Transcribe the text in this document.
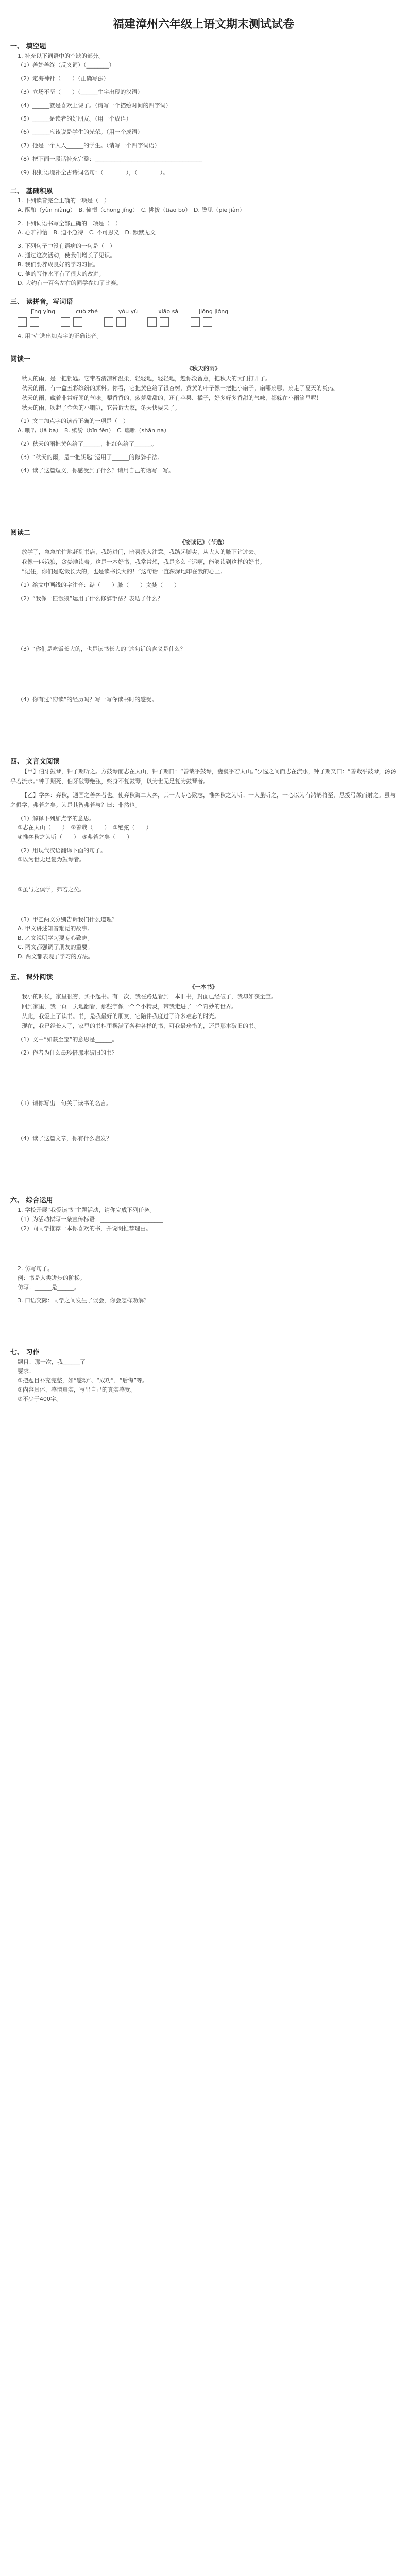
福建漳州六年级上语文期末测试试卷
一、 填空题
1. 补充以下词语中的空缺的部分。
（1）善始善终（反义词）（________）
（2）定海神针（　　）（正确写法）
（3）立场不坚（　　）（______生字出现的汉语）
（4）______就是喜欢上课了。（请写一个描绘时间的四字词）
（5）______是读者的好朋友。（用一个成语）
（6）______应该说是学生的光荣。（用一个成语）
（7）他是一个人人______的学生。（请写一个四字词语）
（8）把下面一段话补充完整：______________________________________
（9）根据语境补全古诗词名句：（　　　　），（　　　　）。
二、 基础积累
1. 下列读音完全正确的一项是（　）
A. 酝酿（yùn niàng）　B. 憧憬（chōng jǐng）　C. 挑拨（tiāo bō）　D. 瞥见（piē jiàn）
2. 下列词语书写全部正确的一项是（　）
A. 心旷神怡　B. 迫不急待　C. 不可思义　D. 默默无文
3. 下列句子中没有语病的一句是（　）
A. 通过这次活动，使我们增长了见识。
B. 我们要养成良好的学习习惯。
C. 他的写作水平有了很大的改进。
D. 大约有一百名左右的同学参加了比赛。
三、 读拼音，写词语
jīng yíng	cuò zhé	yóu yù	xiāo sǎ	jiǒng jiǒng
4. 用“√”选出加点字的正确读音。
阅读一
《秋天的雨》
秋天的雨，是一把钥匙。它带着清凉和温柔，轻轻地，轻轻地，趁你没留意，把秋天的大门打开了。
秋天的雨，有一盒五彩缤纷的颜料。你看，它把黄色给了银杏树，黄黄的叶子像一把把小扇子，扇哪扇哪，扇走了夏天的炎热。
秋天的雨，藏着非常好闻的气味。梨香香的，菠萝甜甜的，还有苹果、橘子，好多好多香甜的气味，都躲在小雨滴里呢！
秋天的雨，吹起了金色的小喇叭，它告诉大家，冬天快要来了。
（1）文中加点字的读音正确的一项是（　）
A. 喇叭（lǎ ba）　B. 缤纷（bīn fēn）　C. 扇哪（shān na）
（2）秋天的雨把黄色给了______，把红色给了______。
（3）“秋天的雨，是一把钥匙”运用了______的修辞手法。
（4）读了这篇短文，你感受到了什么？请用自己的话写一写。
阅读二
《窃读记》（节选）
放学了，急急忙忙地赶到书店，我跨进门，暗喜没人注意。我踮起脚尖，从大人的腋下钻过去。
我像一匹饿狼，贪婪地读着。这是一本好书，我常常想，我是多么幸运啊，能够读到这样的好书。
“记住，你们是吃饭长大的，也是读书长大的！”这句话一直深深地印在我的心上。
（1）给文中画线的字注音：踮（　　）腋（　　）贪婪（　　）
（2）“我像一匹饿狼”运用了什么修辞手法？表达了什么？
（3）“你们是吃饭长大的，也是读书长大的”这句话的含义是什么？
（4）你有过“窃读”的经历吗？写一写你读书时的感受。
四、 文言文阅读
【甲】伯牙鼓琴，钟子期听之。方鼓琴而志在太山，钟子期曰：“善哉乎鼓琴，巍巍乎若太山。”少选之间而志在流水，钟子期又曰：“善哉乎鼓琴，汤汤乎若流水。”钟子期死，伯牙破琴绝弦，终身不复鼓琴，以为世无足复为鼓琴者。
【乙】学弈：弈秋，通国之善弈者也。使弈秋诲二人弈，其一人专心致志，惟弈秋之为听；一人虽听之，一心以为有鸿鹄将至，思援弓缴而射之。虽与之俱学，弗若之矣。为是其智弗若与？曰：非然也。
（1）解释下列加点字的意思。
①志在太山（　　）　②善哉（　　）　③绝弦（　　）
④惟弈秋之为听（　　）　⑤弗若之矣（　　）
（2）用现代汉语翻译下面的句子。
①以为世无足复为鼓琴者。
②虽与之俱学，弗若之矣。
（3）甲乙两文分别告诉我们什么道理？
A. 甲文讲述知音难觅的故事。
B. 乙文说明学习要专心致志。
C. 两文都强调了朋友的重要。
D. 两文都表现了学习的方法。
五、 课外阅读
《一本书》
我小的时候，家里很穷，买不起书。有一次，我在路边看到一本旧书，封面已经破了，我却如获至宝。
回到家里，我一页一页地翻看，那些字像一个个小精灵，带我走进了一个奇妙的世界。
从此，我爱上了读书。书，是我最好的朋友，它陪伴我度过了许多难忘的时光。
现在，我已经长大了，家里的书柜里摆满了各种各样的书，可我最珍惜的，还是那本破旧的书。
（1）文中“如获至宝”的意思是______。
（2）作者为什么最珍惜那本破旧的书？
（3）请你写出一句关于读书的名言。
（4）读了这篇文章，你有什么启发？
六、 综合运用
1. 学校开展“我爱读书”主题活动，请你完成下列任务。
（1）为活动拟写一条宣传标语：______________________
（2）向同学推荐一本你喜欢的书，并说明推荐理由。
2. 仿写句子。
例：书是人类进步的阶梯。
仿写：______是______。
3. 口语交际：同学之间发生了误会，你会怎样劝解？
七、 习作
题目：那一次，我______了
要求：
①把题目补充完整，如“感动”、“成功”、“后悔”等。
②内容具体，感情真实，写出自己的真实感受。
③不少于400字。
